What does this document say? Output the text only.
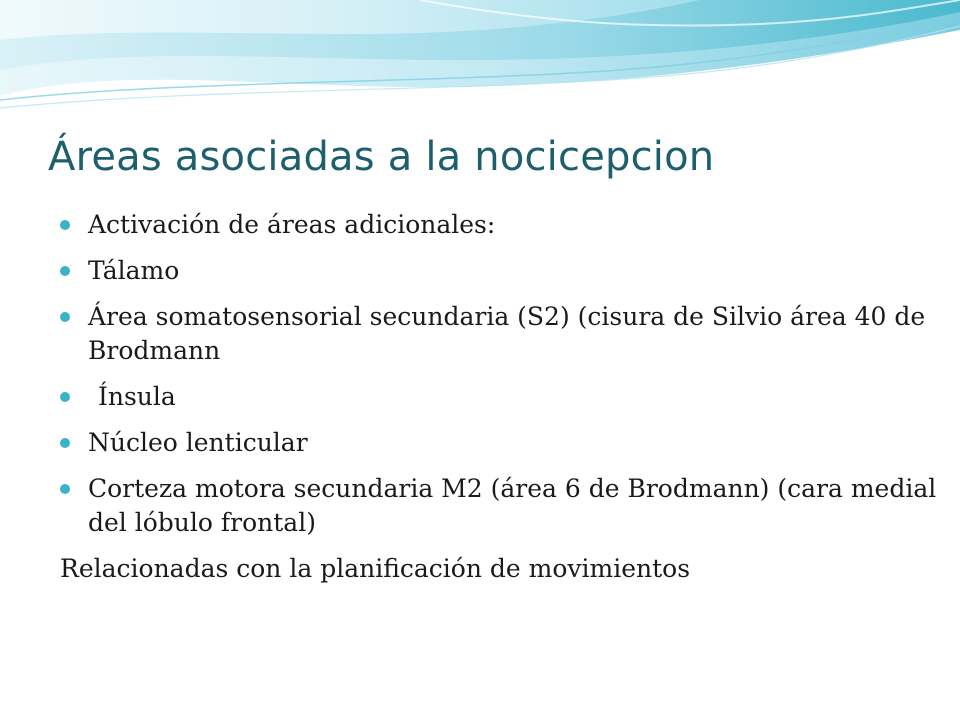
Áreas asociadas a la nocicepcion
Activación de áreas adicionales:
Tálamo
Área somatosensorial secundaria (S2) (cisura de Silvio área 40 de Brodmann
Ínsula
Núcleo lenticular
Corteza motora secundaria M2 (área 6 de Brodmann) (cara medial del lóbulo frontal)

Relacionadas con la planificación de movimientos
